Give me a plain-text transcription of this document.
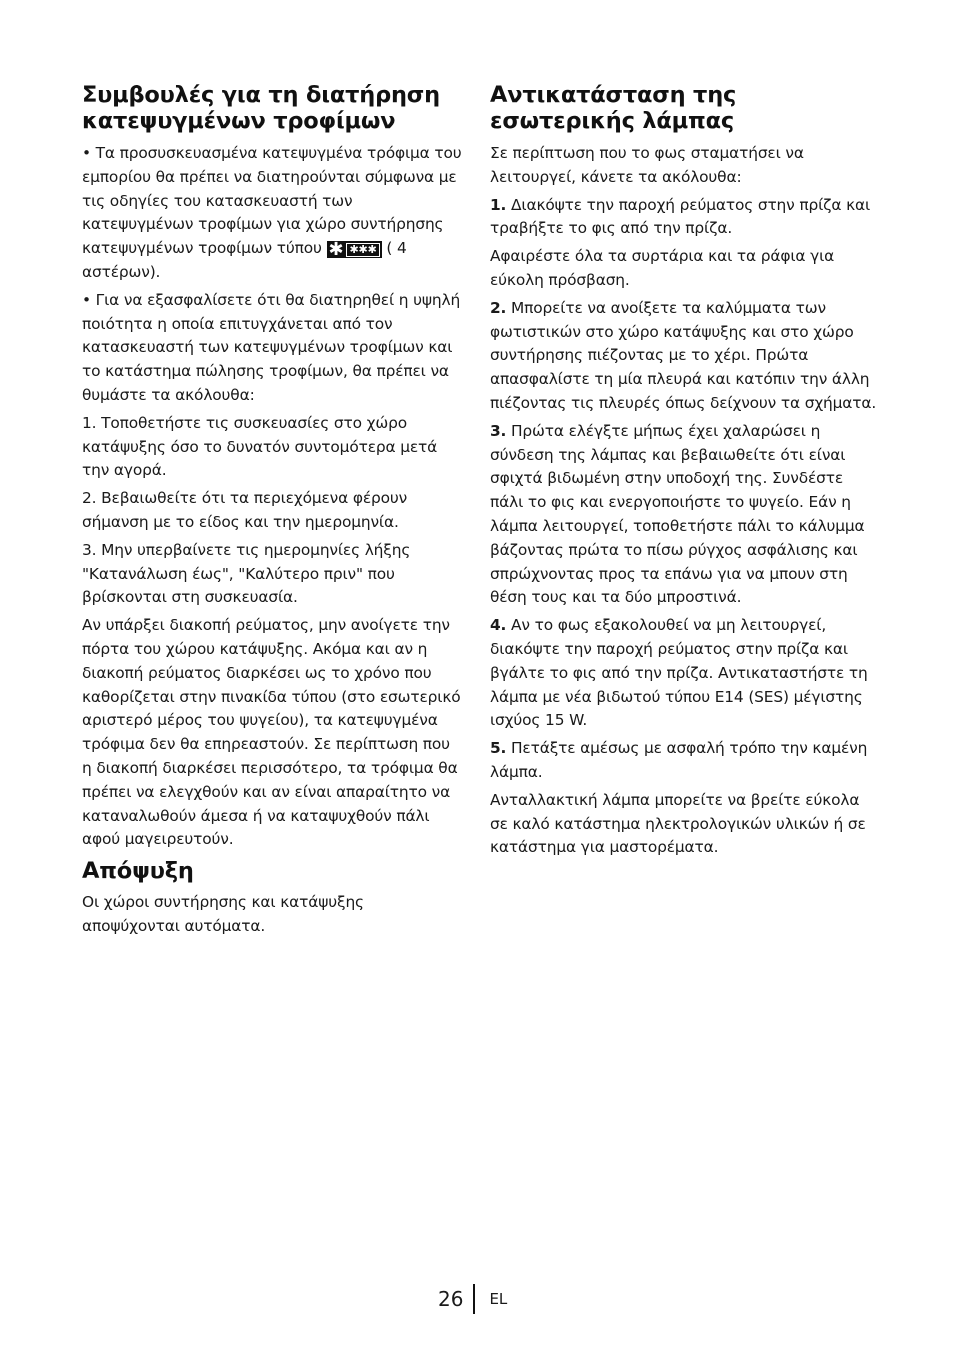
Συμβουλές για τη διατήρηση κατεψυγμένων τροφίμων

• Τα προσυσκευασμένα κατεψυγμένα τρόφιμα του εμπορίου θα πρέπει να διατηρούνται σύμφωνα με τις οδηγίες του κατασκευαστή των κατεψυγμένων τροφίμων για χώρο συντήρησης κατεψυγμένων τροφίμων τύπου ✱ ✱✱✱ ( 4 αστέρων).

• Για να εξασφαλίσετε ότι θα διατηρηθεί η υψηλή ποιότητα η οποία επιτυγχάνεται από τον κατασκευαστή των κατεψυγμένων τροφίμων και το κατάστημα πώλησης τροφίμων, θα πρέπει να θυμάστε τα ακόλουθα:

1. Τοποθετήστε τις συσκευασίες στο χώρο κατάψυξης όσο το δυνατόν συντομότερα μετά την αγορά.

2. Βεβαιωθείτε ότι τα περιεχόμενα φέρουν σήμανση με το είδος και την ημερομηνία.

3. Μην υπερβαίνετε τις ημερομηνίες λήξης "Κατανάλωση έως", "Καλύτερο πριν" που βρίσκονται στη συσκευασία.

Αν υπάρξει διακοπή ρεύματος, μην ανοίγετε την πόρτα του χώρου κατάψυξης. Ακόμα και αν η διακοπή ρεύματος διαρκέσει ως το χρόνο που καθορίζεται στην πινακίδα τύπου (στο εσωτερικό αριστερό μέρος του ψυγείου), τα κατεψυγμένα τρόφιμα δεν θα επηρεαστούν. Σε περίπτωση που η διακοπή διαρκέσει περισσότερο, τα τρόφιμα θα πρέπει να ελεγχθούν και αν είναι απαραίτητο να καταναλωθούν άμεσα ή να καταψυχθούν πάλι αφού μαγειρευτούν.

Απόψυξη

Οι χώροι συντήρησης και κατάψυξης αποψύχονται αυτόματα.

Αντικατάσταση της εσωτερικής λάμπας

Σε περίπτωση που το φως σταματήσει να λειτουργεί, κάνετε τα ακόλουθα:

1. Διακόψτε την παροχή ρεύματος στην πρίζα και τραβήξτε το φις από την πρίζα.

Αφαιρέστε όλα τα συρτάρια και τα ράφια για εύκολη πρόσβαση.

2. Μπορείτε να ανοίξετε τα καλύμματα των φωτιστικών στο χώρο κατάψυξης και στο χώρο συντήρησης πιέζοντας με το χέρι. Πρώτα απασφαλίστε τη μία πλευρά και κατόπιν την άλλη πιέζοντας τις πλευρές όπως δείχνουν τα σχήματα.

3. Πρώτα ελέγξτε μήπως έχει χαλαρώσει η σύνδεση της λάμπας και βεβαιωθείτε ότι είναι σφιχτά βιδωμένη στην υποδοχή της. Συνδέστε πάλι το φις και ενεργοποιήστε το ψυγείο. Εάν η λάμπα λειτουργεί, τοποθετήστε πάλι το κάλυμμα βάζοντας πρώτα το πίσω ρύγχος ασφάλισης και σπρώχνοντας προς τα επάνω για να μπουν στη θέση τους και τα δύο μπροστινά.

4. Αν το φως εξακολουθεί να μη λειτουργεί, διακόψτε την παροχή ρεύματος στην πρίζα και βγάλτε το φις από την πρίζα. Αντικαταστήστε τη λάμπα με νέα βιδωτού τύπου E14 (SES) μέγιστης ισχύος 15 W.

5. Πετάξτε αμέσως με ασφαλή τρόπο την καμένη λάμπα.

Ανταλλακτική λάμπα μπορείτε να βρείτε εύκολα σε καλό κατάστημα ηλεκτρολογικών υλικών ή σε κατάστημα για μαστορέματα.

26 EL
